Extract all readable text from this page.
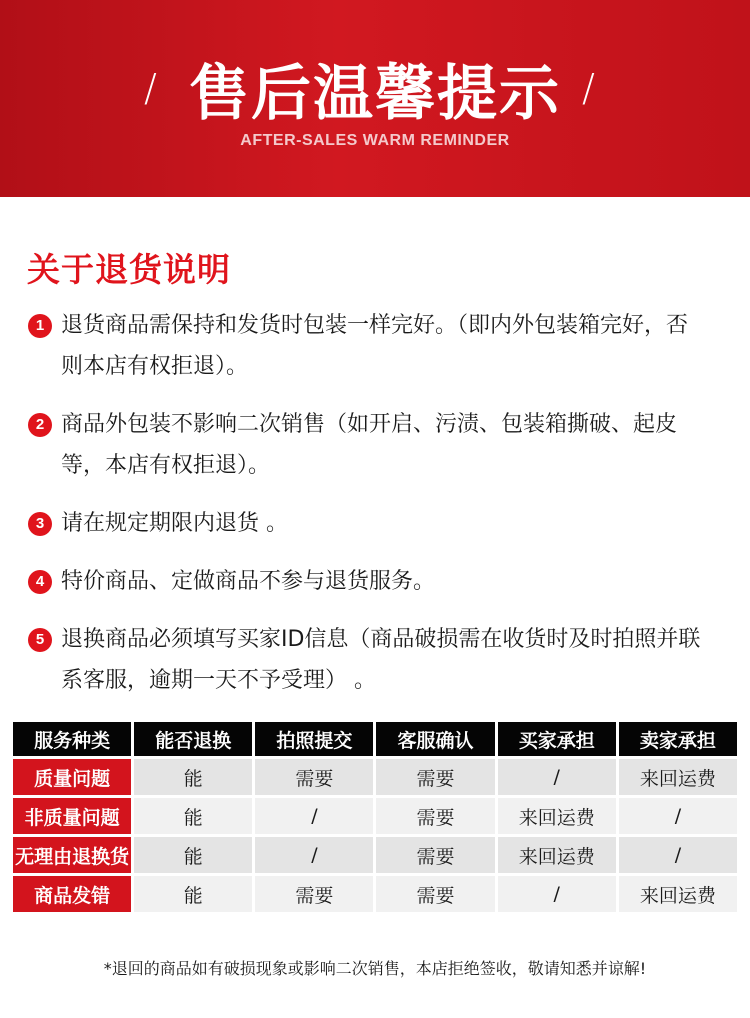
/ 售后温馨提示 /
AFTER-SALES WARM REMINDER
关于退货说明
1 退货商品需保持和发货时包装一样完好。（即内外包装箱完好，否则本店有权拒退）。
2 商品外包装不影响二次销售（如开启、污渍、包装箱撕破、起皮等，本店有权拒退）。
3 请在规定期限内退货 。
4 特价商品、定做商品不参与退货服务。
5 退换商品必须填写买家ID信息（商品破损需在收货时及时拍照并联系客服，逾期一天不予受理） 。
服务种类	能否退换	拍照提交	客服确认	买家承担	卖家承担
质量问题	能	需要	需要	/	来回运费
非质量问题	能	/	需要	来回运费	/
无理由退换货	能	/	需要	来回运费	/
商品发错	能	需要	需要	/	来回运费
*退回的商品如有破损现象或影响二次销售，本店拒绝签收，敬请知悉并谅解!
